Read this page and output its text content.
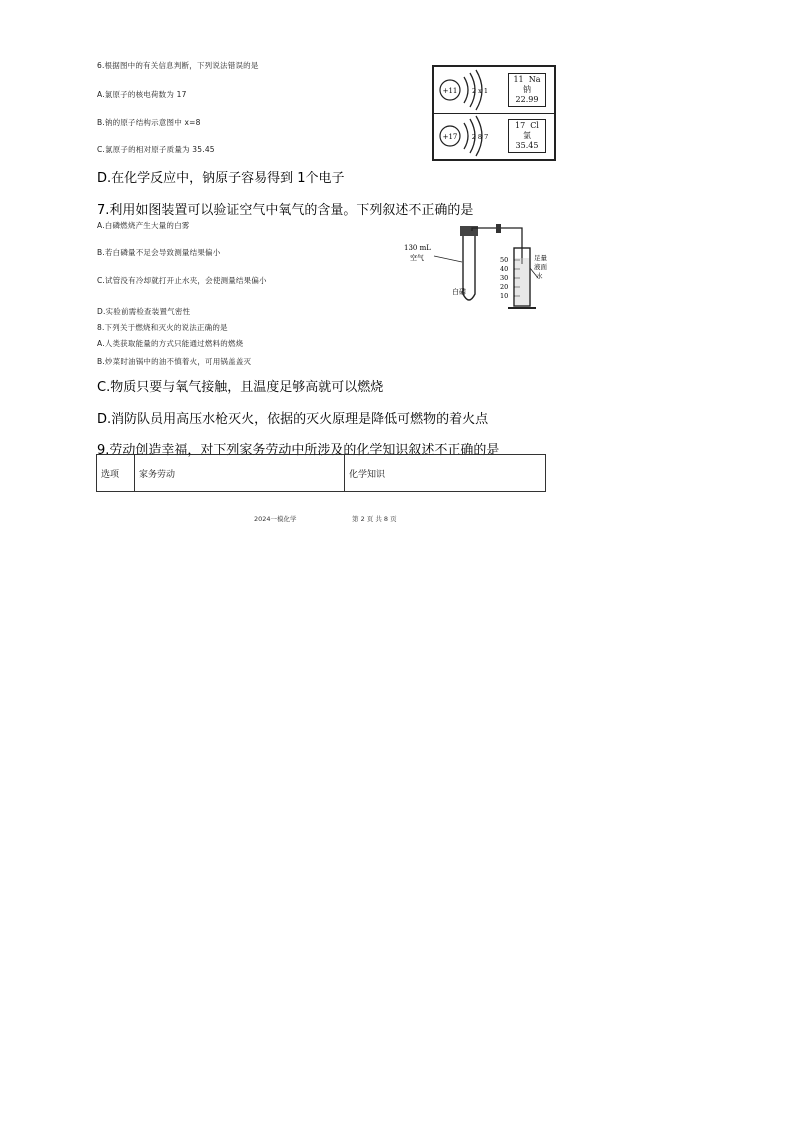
6.根据图中的有关信息判断，下列说法错误的是
A.氯原子的核电荷数为 17
B.钠的原子结构示意图中 x=8
C.氯原子的相对原子质量为 35.45
D.在化学反应中，钠原子容易得到 1个电子
+11 2 x 1
11 Na
钠
22.99
+17 2 8 7
17 Cl
氯
35.45
7.利用如图装置可以验证空气中氧气的含量。下列叙述不正确的是
A.白磷燃烧产生大量的白雾
B.若白磷量不足会导致测量结果偏小
C.试管没有冷却就打开止水夹，会使测量结果偏小
D.实验前需检查装置气密性
130 mL
空气
白磷
足量
液面
水
50
40
30
20
10
8.下列关于燃烧和灭火的说法正确的是
A.人类获取能量的方式只能通过燃料的燃烧
B.炒菜时油锅中的油不慎着火，可用锅盖盖灭
C.物质只要与氧气接触，且温度足够高就可以燃烧
D.消防队员用高压水枪灭火，依据的灭火原理是降低可燃物的着火点
9.劳动创造幸福，对下列家务劳动中所涉及的化学知识叙述不正确的是
选项	家务劳动	化学知识
2024一模化学	第 2 页 共 8 页
